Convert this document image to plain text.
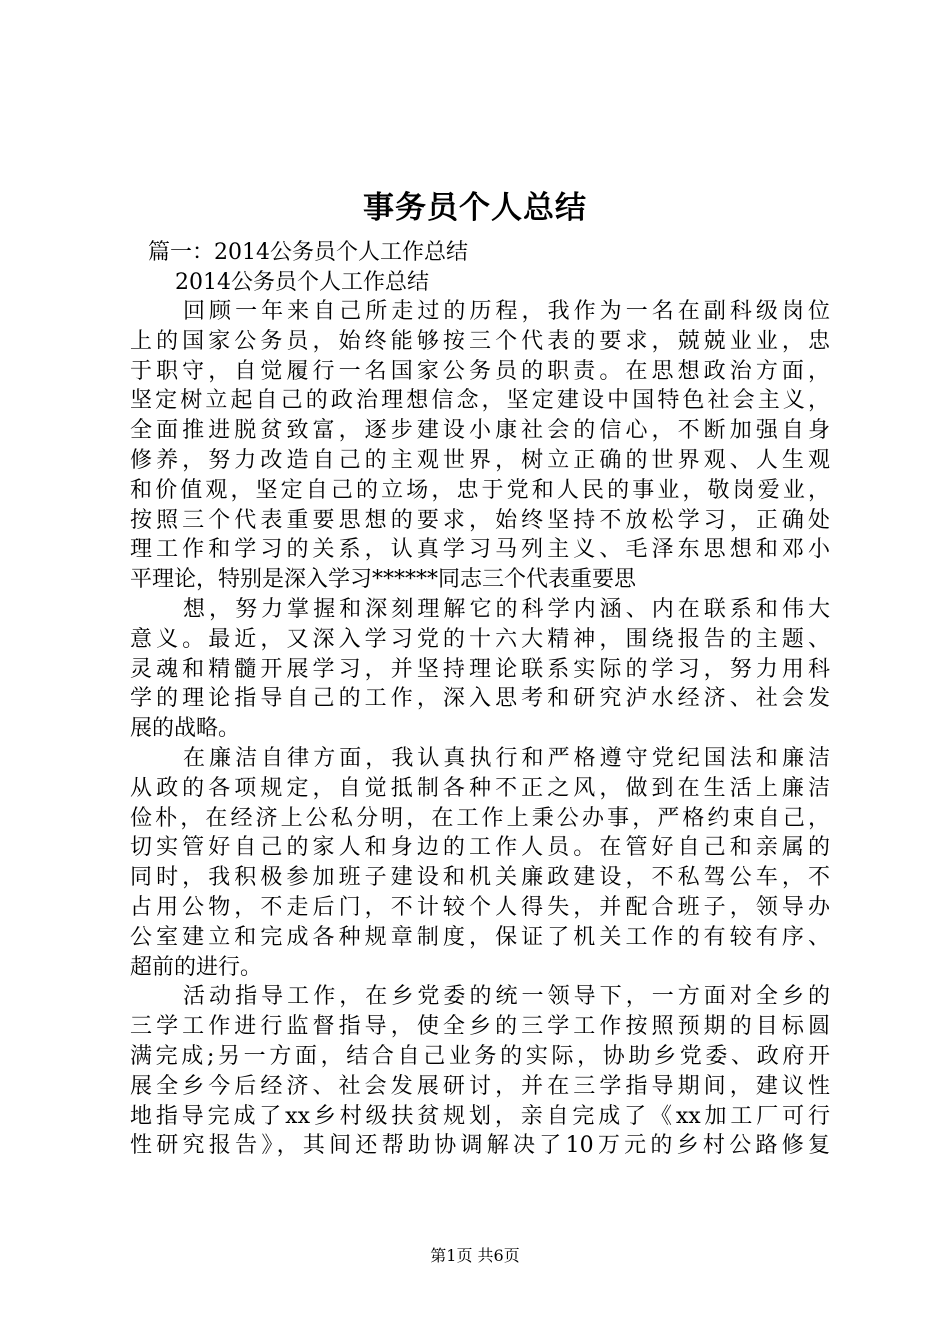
事务员个人总结
篇一：2014公务员个人工作总结
2014公务员个人工作总结
回顾一年来自己所走过的历程，我作为一名在副科级岗位
上的国家公务员，始终能够按三个代表的要求，兢兢业业，忠
于职守，自觉履行一名国家公务员的职责。在思想政治方面，
坚定树立起自己的政治理想信念，坚定建设中国特色社会主义，
全面推进脱贫致富，逐步建设小康社会的信心，不断加强自身
修养，努力改造自己的主观世界，树立正确的世界观、人生观
和价值观，坚定自己的立场，忠于党和人民的事业，敬岗爱业，
按照三个代表重要思想的要求，始终坚持不放松学习，正确处
理工作和学习的关系，认真学习马列主义、毛泽东思想和邓小
平理论，特别是深入学习******同志三个代表重要思
想，努力掌握和深刻理解它的科学内涵、内在联系和伟大
意义。最近，又深入学习党的十六大精神，围绕报告的主题、
灵魂和精髓开展学习，并坚持理论联系实际的学习，努力用科
学的理论指导自己的工作，深入思考和研究泸水经济、社会发
展的战略。
在廉洁自律方面，我认真执行和严格遵守党纪国法和廉洁
从政的各项规定，自觉抵制各种不正之风，做到在生活上廉洁
俭朴，在经济上公私分明，在工作上秉公办事，严格约束自己，
切实管好自己的家人和身边的工作人员。在管好自己和亲属的
同时，我积极参加班子建设和机关廉政建设，不私驾公车，不
占用公物，不走后门，不计较个人得失，并配合班子，领导办
公室建立和完成各种规章制度，保证了机关工作的有较有序、
超前的进行。
活动指导工作，在乡党委的统一领导下，一方面对全乡的
三学工作进行监督指导，使全乡的三学工作按照预期的目标圆
满完成;另一方面，结合自己业务的实际，协助乡党委、政府开
展全乡今后经济、社会发展研讨，并在三学指导期间，建议性
地指导完成了xx乡村级扶贫规划，亲自完成了《xx加工厂可行
性研究报告》，其间还帮助协调解决了10万元的乡村公路修复
第1页 共6页
